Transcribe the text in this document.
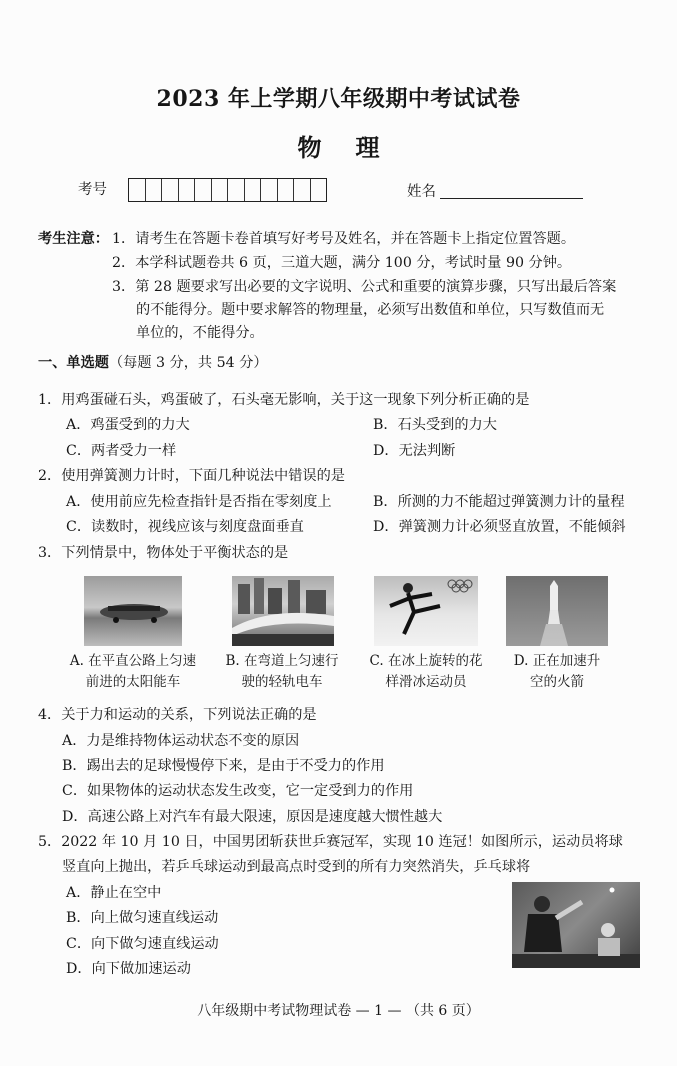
2023 年上学期八年级期中考试试卷
物理
考号	姓名
考生注意： 1．请考生在答题卡卷首填写好考号及姓名，并在答题卡上指定位置答题。
2．本学科试题卷共 6 页，三道大题，满分 100 分，考试时量 90 分钟。
3．第 28 题要求写出必要的文字说明、公式和重要的演算步骤，只写出最后答案
的不能得分。题中要求解答的物理量，必须写出数值和单位，只写数值而无
单位的，不能得分。
一、单选题（每题 3 分，共 54 分）
1．用鸡蛋碰石头，鸡蛋破了，石头毫无影响，关于这一现象下列分析正确的是
A．鸡蛋受到的力大	B．石头受到的力大
C．两者受力一样	D．无法判断
2．使用弹簧测力计时，下面几种说法中错误的是
A．使用前应先检查指针是否指在零刻度上	B．所测的力不能超过弹簧测力计的量程
C．读数时，视线应该与刻度盘面垂直	D．弹簧测力计必须竖直放置，不能倾斜
3．下列情景中，物体处于平衡状态的是
A. 在平直公路上匀速
前进的太阳能车
B. 在弯道上匀速行
驶的轻轨电车
C. 在冰上旋转的花
样滑冰运动员
D. 正在加速升
空的火箭
4．关于力和运动的关系，下列说法正确的是
A．力是维持物体运动状态不变的原因
B．踢出去的足球慢慢停下来，是由于不受力的作用
C．如果物体的运动状态发生改变，它一定受到力的作用
D．高速公路上对汽车有最大限速，原因是速度越大惯性越大
5．2022 年 10 月 10 日，中国男团斩获世乒赛冠军，实现 10 连冠！如图所示，运动员将球
竖直向上抛出，若乒乓球运动到最高点时受到的所有力突然消失，乒乓球将
A．静止在空中
B．向上做匀速直线运动
C．向下做匀速直线运动
D．向下做加速运动
八年级期中考试物理试卷 — 1 — （共 6 页）
